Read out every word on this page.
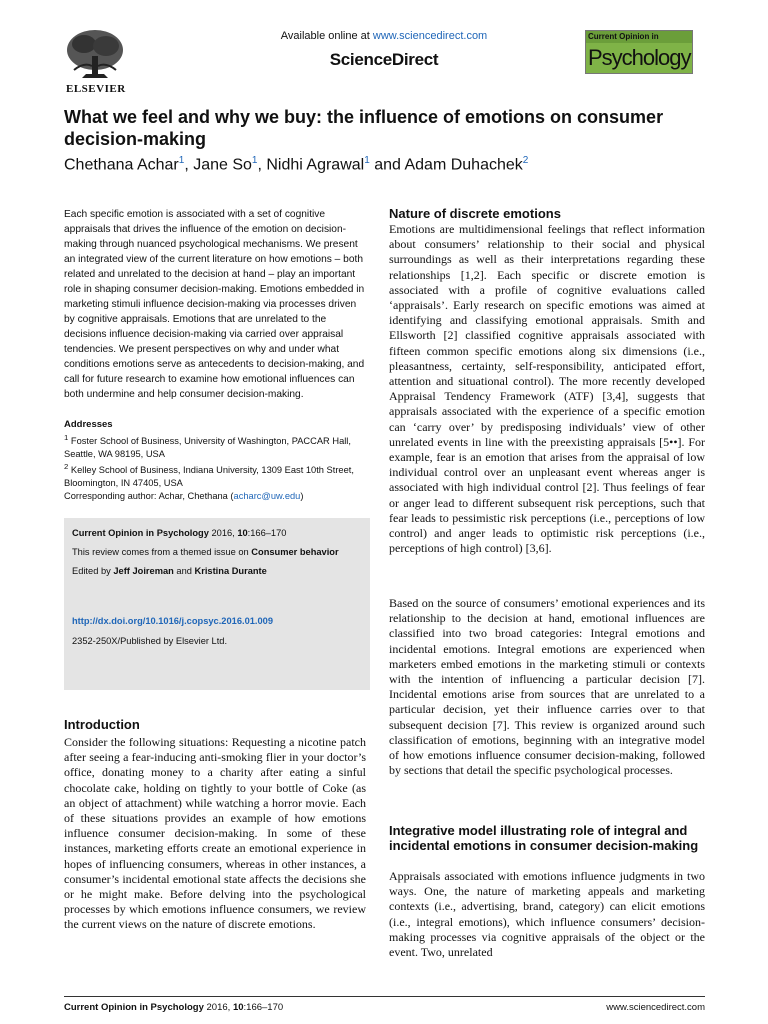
ELSEVIER
Available online at www.sciencedirect.com
ScienceDirect
Current Opinion in
Psychology
What we feel and why we buy: the influence of emotions on consumer decision-making
Chethana Achar$^1$, Jane So$^1$, Nidhi Agrawal$^1$ and Adam Duhachek$^2$
Each specific emotion is associated with a set of cognitive appraisals that drives the influence of the emotion on decision-making through nuanced psychological mechanisms. We present an integrated view of the current literature on how emotions – both related and unrelated to the decision at hand – play an important role in shaping consumer decision-making. Emotions embedded in marketing stimuli influence decision-making via processes driven by cognitive appraisals. Emotions that are unrelated to the decisions influence decision-making via carried over appraisal tendencies. We present perspectives on why and under what conditions emotions serve as antecedents to decision-making, and call for future research to examine how emotional influences can both undermine and help consumer decision-making.
Addresses
$^1$ Foster School of Business, University of Washington, PACCAR Hall, Seattle, WA 98195, USA
$^2$ Kelley School of Business, Indiana University, 1309 East 10th Street, Bloomington, IN 47405, USA
Corresponding author: Achar, Chethana (acharc@uw.edu)

Current Opinion in Psychology 2016, 10:166–170

This review comes from a themed issue on Consumer behavior

Edited by Jeff Joireman and Kristina Durante

http://dx.doi.org/10.1016/j.copsyc.2016.01.009

2352-250X/Published by Elsevier Ltd.

Introduction
Consider the following situations: Requesting a nicotine patch after seeing a fear-inducing anti-smoking flier in your doctor’s office, donating money to a charity after eating a sinful chocolate cake, holding on tightly to your bottle of Coke (as an object of attachment) while watching a horror movie. Each of these situations provides an example of how emotions influence consumer decision-making. In some of these instances, marketing efforts create an emotional experience in hopes of influencing consumers, whereas in other instances, a consumer’s incidental emotional state affects the decisions she or he might make. Before delving into the psychological processes by which emotions influence consumers, we review the current views on the nature of discrete emotions.
Nature of discrete emotions
Emotions are multidimensional feelings that reflect information about consumers’ relationship to their social and physical surroundings as well as their interpretations regarding these relationships [1,2]. Each specific or discrete emotion is associated with a profile of cognitive evaluations called ‘appraisals’. Early research on specific emotions was aimed at identifying and classifying emotional appraisals. Smith and Ellsworth [2] classified cognitive appraisals associated with fifteen common specific emotions along six dimensions (i.e., pleasantness, certainty, self-responsibility, anticipated effort, attention and situational control). The more recently developed Appraisal Tendency Framework (ATF) [3,4], suggests that appraisals associated with the experience of a specific emotion can ‘carry over’ by predisposing individuals’ view of other unrelated events in line with the preexisting appraisals [5••]. For example, fear is an emotion that arises from the appraisal of low individual control over an unpleasant event whereas anger is associated with high individual control [2]. Thus feelings of fear or anger lead to different subsequent risk perceptions, such that fear leads to pessimistic risk perceptions (i.e., perceptions of low control) and anger leads to optimistic risk perceptions (i.e., perceptions of high control) [3,6].
Based on the source of consumers’ emotional experiences and its relationship to the decision at hand, emotional influences are classified into two broad categories: Integral emotions and incidental emotions. Integral emotions are experienced when marketers embed emotions in the marketing stimuli or contexts with the intention of influencing a particular decision [7]. Incidental emotions arise from sources that are unrelated to a particular decision, yet their influence carries over to that subsequent decision [7]. This review is organized around such classification of emotions, beginning with an integrative model of how emotions influence consumer decision-making, followed by sections that detail the specific psychological processes.
Integrative model illustrating role of integral and incidental emotions in consumer decision-making
Appraisals associated with emotions influence judgments in two ways. One, the nature of marketing appeals and marketing contexts (i.e., advertising, brand, category) can elicit emotions (i.e., integral emotions), which influence consumers’ decision-making processes via cognitive appraisals of the object or the event. Two, unrelated
Current Opinion in Psychology 2016, 10:166–170	www.sciencedirect.com
